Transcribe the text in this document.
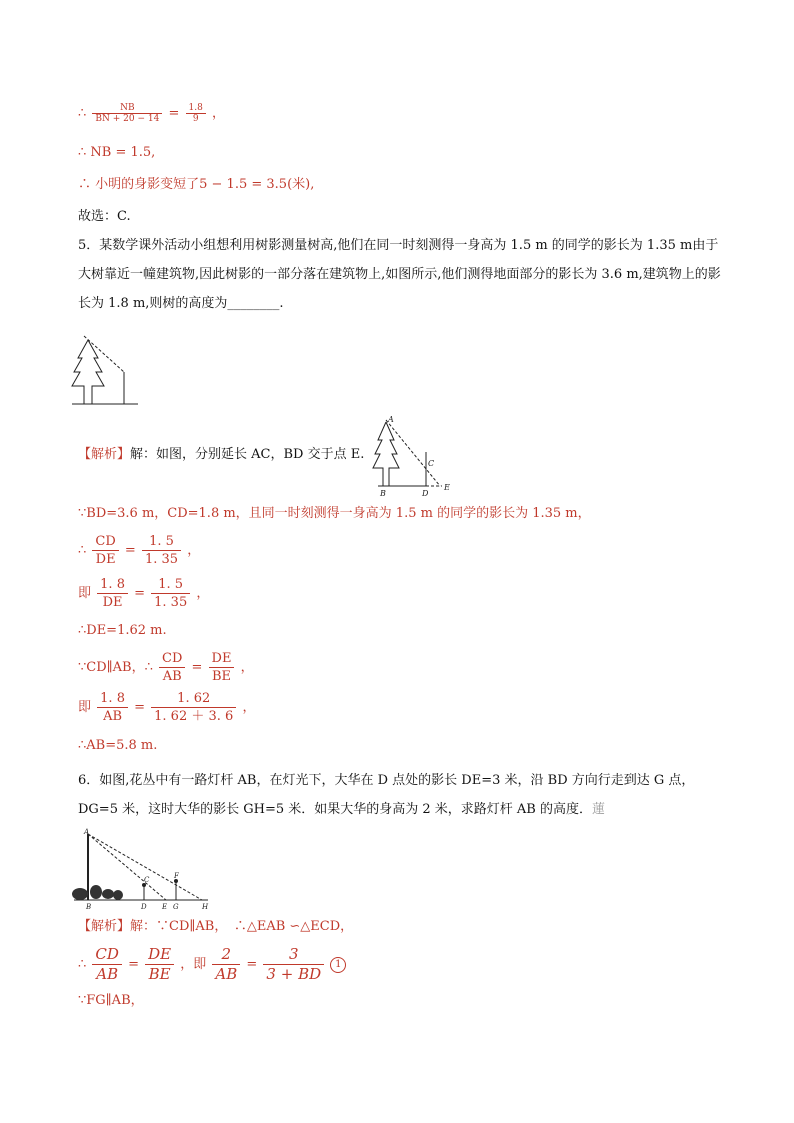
∴ $\frac{NB}{BN + 20 - 14} = \frac{1.8}{9}$ ，
∴ NB = 1.5,
∴ 小明的身影变短了5 − 1.5 = 3.5(米),
故选：C.
5．某数学课外活动小组想利用树影测量树高,他们在同一时刻测得一身高为 1.5 m 的同学的影长为 1.35 m由于大树靠近一幢建筑物,因此树影的一部分落在建筑物上,如图所示,他们测得地面部分的影长为 3.6 m,建筑物上的影长为 1.8 m,则树的高度为________.
【解析】解：如图，分别延长 AC，BD 交于点 E.
A
B
C
D
E
∵BD=3.6 m，CD=1.8 m，且同一时刻测得一身高为 1.5 m 的同学的影长为 1.35 m，
∴ $\frac{CD}{DE} = \frac{1. 5}{1. 35}$ ，
即 $\frac{1. 8}{DE} = \frac{1. 5}{1. 35}$ ，
∴DE=1.62 m.
∵CD∥AB，∴ $\frac{CD}{AB} = \frac{DE}{BE}$ ，
即 $\frac{1. 8}{AB} = \frac{1. 62}{1. 62 + 3. 6}$ ，
∴AB=5.8 m.
6．如图,花丛中有一路灯杆 AB，在灯光下，大华在 D 点处的影长 DE=3 米，沿 BD 方向行走到达 G 点，DG=5 米，这时大华的影长 GH=5 米．如果大华的身高为 2 米，求路灯杆 AB 的高度．蓮
A
B
C
D E
F
G	H
【解析】解：∵CD∥AB，　∴△EAB ∽△ECD，
∴ $\frac{CD}{AB} = \frac{DE}{BE}$ ，即 $\frac{2}{AB} = \frac{3}{3 + BD} 1$
∵FG∥AB，
